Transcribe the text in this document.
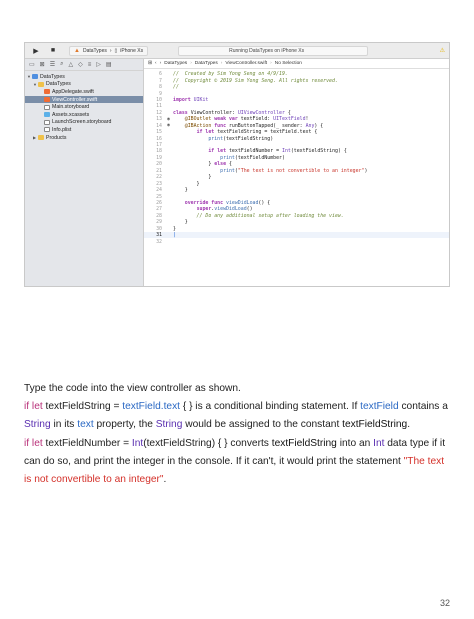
▶	■	▲ DataTypes › ▯ iPhone Xs	Running DataTypes on iPhone Xs	⚠
▭ ⊠ ☰ ⌕ △ ◇ ≡ ▷ ▤
▼ DataTypes
▼ DataTypes
AppDelegate.swift
ViewController.swift
Main.storyboard
Assets.xcassets
LaunchScreen.storyboard
Info.plist
▶	Products
⊞ ‹ › DataTypes › DataTypes › ViewController.swift › No Selection
6	//  Created by Sim Yong Seng on 4/9/19.
7	//  Copyright © 2019 Sim Yong Seng. All rights reserved.
8	//
9
10	import UIKit
11
12	class ViewController: UIViewController {
13	◉	@IBOutlet weak var textField: UITextField!
14	◉	@IBAction func runButtonTapped(_ sender: Any) {
15	if let textFieldString = textField.text {
16	print(textFieldString)
17
18	if let textFieldNumber = Int(textFieldString) {
19	print(textFieldNumber)
20	} else {
21	print("The text is not convertible to an integer")
22	}
23	}
24	}
25
26	override func viewDidLoad() {
27	super.viewDidLoad()
28	// Do any additional setup after loading the view.
29	}
30	}
31	|
32

Type the code into the view controller as shown.

if let textFieldString = textField.text { } is a conditional binding statement. If textField contains a String in its text property, the String would be assigned to the constant textFieldString.

if let textFieldNumber = Int(textFieldString) { } converts textFieldString into an Int data type if it can do so, and print the integer in the console. If it can't, it would print the statement "The text is not convertible to an integer".

32
